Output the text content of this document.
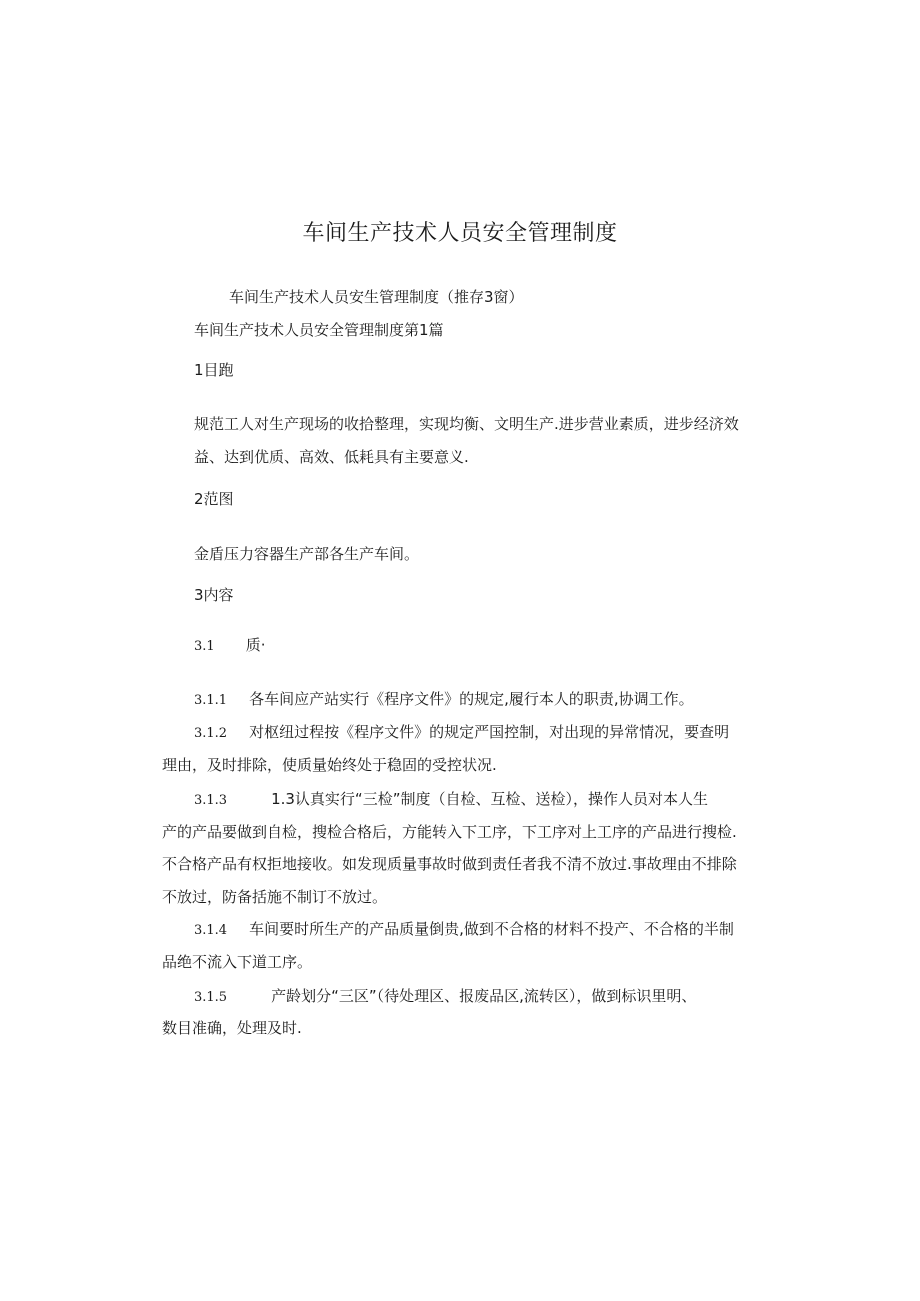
车间生产技术人员安全管理制度
车间生产技术人员安生管理制度（推存3窗）
车间生产技术人员安全管理制度第1篇
1目跑
规范工人对生产现场的收拾整理，实现均衡、文明生产.进步营业素质，进步经济效
益、达到优质、高效、低耗具有主要意义.
2范图
金盾压力容器生产部各生产车间。
3内容
3.1 质·
3.1.1 各车间应产站实行《程序文件》的规定,履行本人的职责,协调工作。
3.1.2 对枢纽过程按《程序文件》的规定严国控制，对出现的异常情况，要查明
理由，及时排除，使质量始终处于稳固的受控状况.
3.1.3	1.3认真实行“三检”制度（自检、互检、送检），操作人员对本人生
产的产品要做到自检，搜检合格后，方能转入下工序，下工序对上工序的产品进行搜检.
不合格产品有权拒地接收。如发现质量事故时做到责任者我不清不放过.事故理由不排除
不放过，防备括施不制订不放过。
3.1.4 车间要时所生产的产品质量倒贵,做到不合格的材料不投产、不合格的半制
品绝不流入下道工序。
3.1.5	产龄划分“三区”（待处理区、报废品区,流转区），做到标识里明、
数目准确，处理及时.
